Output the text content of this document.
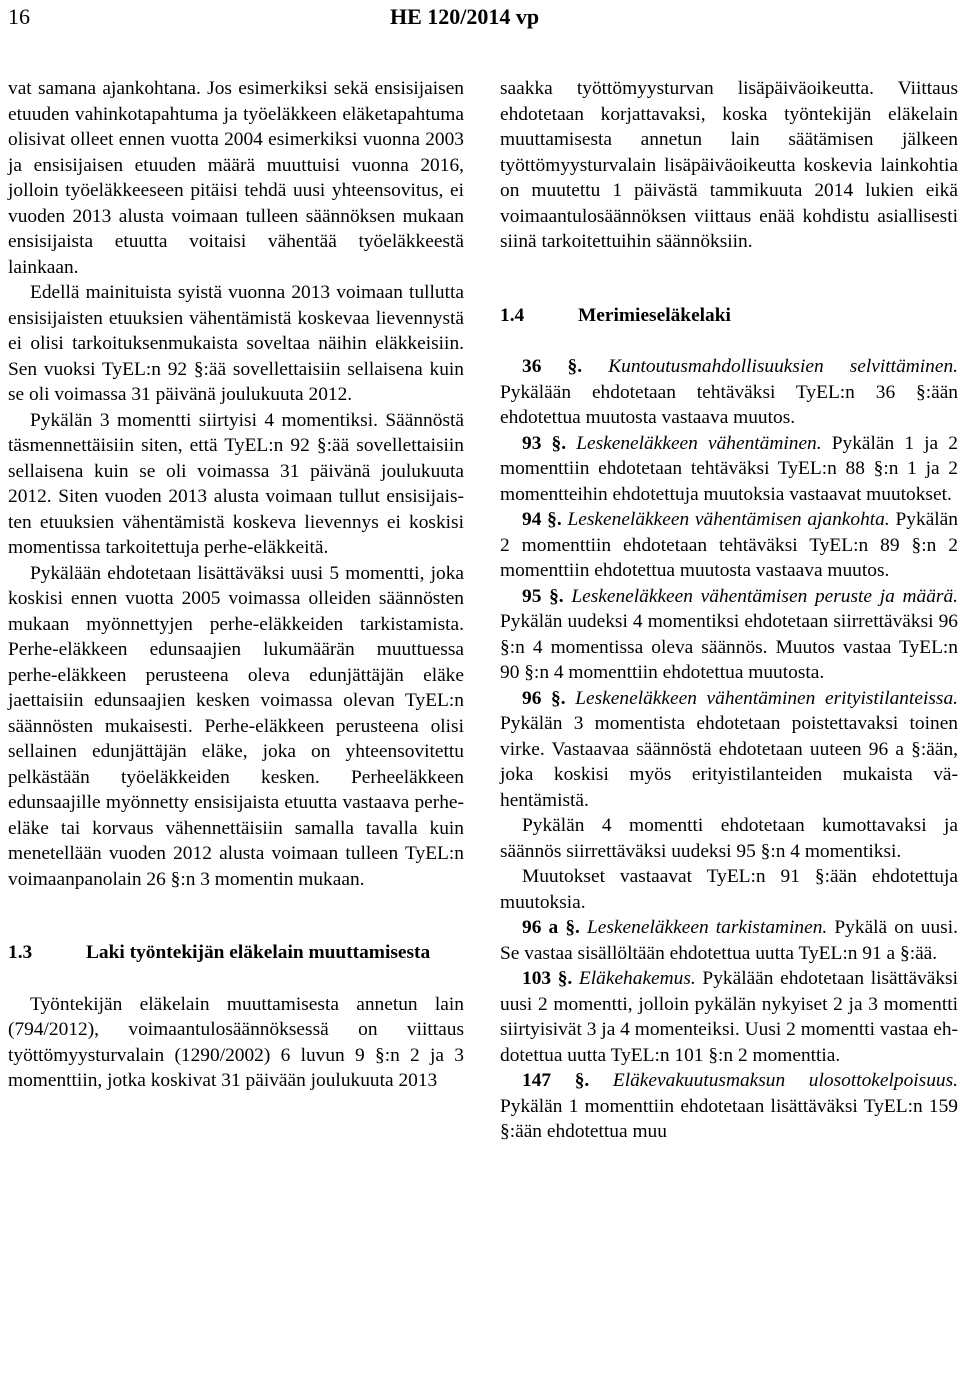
16	HE 120/2014 vp

vat samana ajankohtana. Jos esimerkiksi sekä ensisijaisen etuuden vahinkotapahtuma ja työeläkkeen eläketapahtuma olisivat olleet ennen vuotta 2004 esimerkiksi vuonna 2003 ja ensisijaisen etuuden määrä muuttuisi vuonna 2016, jolloin työeläkkeeseen pitäisi tehdä uusi yhteensovitus, ei vuoden 2013 alusta voimaan tulleen säännöksen mukaan ensisijaista etuutta voitaisi vähentää työeläkkeestä lainkaan.

Edellä mainituista syistä vuonna 2013 voimaan tullutta ensisijaisten etuuksien vähentämistä koskevaa lievennystä ei olisi tarkoituksenmukaista soveltaa näihin eläkkeisiin. Sen vuoksi TyEL:n 92 §:ää sovellettaisiin sellaisena kuin se oli voimassa 31 päivänä joulukuuta 2012.

Pykälän 3 momentti siirtyisi 4 momentiksi. Säännöstä täsmennettäisiin siten, että TyEL:n 92 §:ää sovellettaisiin sellaisena kuin se oli voimassa 31 päivänä joulukuuta 2012. Siten vuoden 2013 alusta voimaan tullut ensisijaisten etuuksien vähentämistä koskeva lievennys ei koskisi momentissa tarkoitettuja perhe-eläkkeitä.

Pykälään ehdotetaan lisättäväksi uusi 5 momentti, joka koskisi ennen vuotta 2005 voimassa olleiden säännösten mukaan myönnettyjen perhe-eläkkeiden tarkistamista. Perhe-eläkkeen edunsaajien lukumäärän muuttuessa perhe-eläkkeen perusteena oleva edunjättäjän eläke jaettaisiin edunsaajien kesken voimassa olevan TyEL:n säännösten mukaisesti. Perhe-eläkkeen perusteena olisi sellainen edunjättäjän eläke, joka on yhteensovitettu pelkästään työeläkkeiden kesken. Perheeläkkeen edunsaajille myönnetty ensisijaista etuutta vastaava perhe-eläke tai korvaus vähennettäisiin samalla tavalla kuin menetellään vuoden 2012 alusta voimaan tulleen TyEL:n voimaanpanolain 26 §:n 3 momentin mukaan.

1.3	Laki työntekijän eläkelain muuttamisesta

Työntekijän eläkelain muuttamisesta annetun lain (794/2012), voimaantulosäännöksessä on viittaus työttömyysturvalain (1290/2002) 6 luvun 9 §:n 2 ja 3 momenttiin, jotka koskivat 31 päivään joulukuuta 2013

saakka työttömyysturvan lisäpäiväoikeutta. Viittaus ehdotetaan korjattavaksi, koska työntekijän eläkelain muuttamisesta annetun lain säätämisen jälkeen työttömyysturvalain lisäpäiväoikeutta koskevia lainkohtia on muutettu 1 päivästä tammikuuta 2014 lukien eikä voimaantulosäännöksen viittaus enää kohdistu asiallisesti siinä tarkoitettuihin säännöksiin.

1.4	Merimieseläkelaki

36 §. Kuntoutusmahdollisuuksien selvittäminen. Pykälään ehdotetaan tehtäväksi TyEL:n 36 §:ään ehdotettua muutosta vastaava muutos.

93 §. Leskeneläkkeen vähentäminen. Pykälän 1 ja 2 momenttiin ehdotetaan tehtäväksi TyEL:n 88 §:n 1 ja 2 momentteihin ehdotettuja muutoksia vastaavat muutokset.

94 §. Leskeneläkkeen vähentämisen ajankohta. Pykälän 2 momenttiin ehdotetaan tehtäväksi TyEL:n 89 §:n 2 momenttiin ehdotettua muutosta vastaava muutos.

95 §. Leskeneläkkeen vähentämisen peruste ja määrä. Pykälän uudeksi 4 momentiksi ehdotetaan siirrettäväksi 96 §:n 4 momentissa oleva säännös. Muutos vastaa TyEL:n 90 §:n 4 momenttiin ehdotettua muutosta.

96 §. Leskeneläkkeen vähentäminen erityistilanteissa. Pykälän 3 momentista ehdotetaan poistettavaksi toinen virke. Vastaavaa säännöstä ehdotetaan uuteen 96 a §:ään, joka koskisi myös erityistilanteiden mukaista vähentämistä.

Pykälän 4 momentti ehdotetaan kumottavaksi ja säännös siirrettäväksi uudeksi 95 §:n 4 momentiksi.

Muutokset vastaavat TyEL:n 91 §:ään ehdotettuja muutoksia.

96 a §. Leskeneläkkeen tarkistaminen. Pykälä on uusi. Se vastaa sisällöltään ehdotettua uutta TyEL:n 91 a §:ää.

103 §. Eläkehakemus. Pykälään ehdotetaan lisättäväksi uusi 2 momentti, jolloin pykälän nykyiset 2 ja 3 momentti siirtyisivät 3 ja 4 momenteiksi. Uusi 2 momentti vastaa ehdotettua uutta TyEL:n 101 §:n 2 momenttia.

147 §. Eläkevakuutusmaksun ulosottokelpoisuus. Pykälän 1 momenttiin ehdotetaan lisättäväksi TyEL:n 159 §:ään ehdotettua muu
